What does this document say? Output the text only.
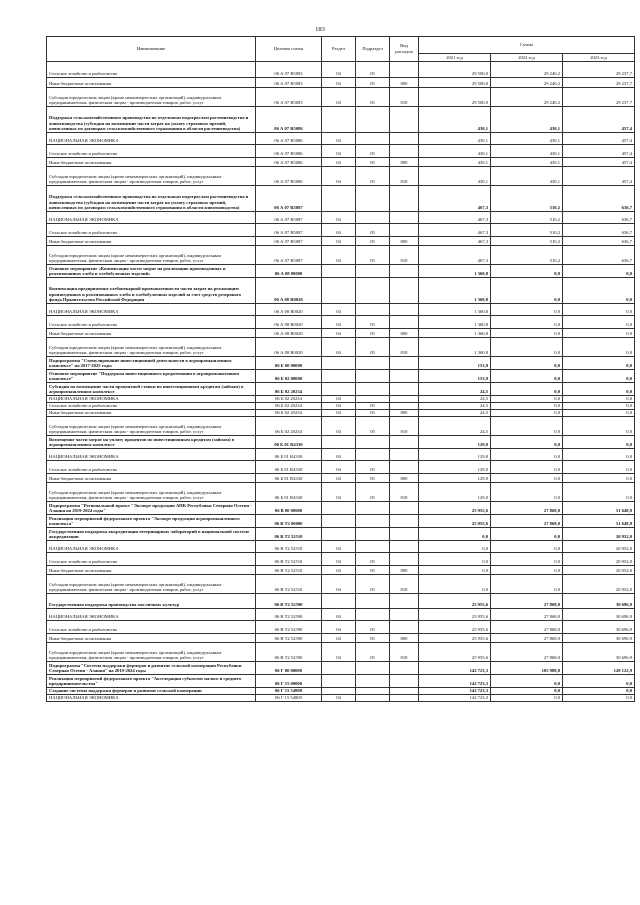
183
Наименование	Целевая статья	Раздел	Подраздел	Вид расходов	Сумма		
					2021 год	2022 год	2023 год
Сельское хозяйство и рыболовство	06 А 07 R5083	04	05		29 500,0	29 240,2	29 237,7
Иные бюджетные ассигнования	06 А 07 R5083	04	05	800	29 500,0	29 240,2	29 237,7
Субсидии юридическим лицам (кроме некоммерческих организаций), индивидуальным предпринимателям, физическим лицам - производителям товаров, работ, услуг	06 А 07 R5083	04	05	810	29 500,0	29 240,2	29 237,7
Поддержка сельскохозяйственного производства по отдельным подотраслям растениеводства и животноводства (субсидия на возмещение части затрат на уплату страховых премий, начисленных по договорам сельскохозяйственного страхования в области растениеводства)	06 А 07 R5086				430,1	430,1	457,4
НАЦИОНАЛЬНАЯ ЭКОНОМИКА	06 А 07 R5086	04			430,1	430,1	457,4
Сельское хозяйство и рыболовство	06 А 07 R5086	04	05		430,1	430,1	457,4
Иные бюджетные ассигнования	06 А 07 R5086	04	05	800	430,1	430,1	457,4
Субсидии юридическим лицам (кроме некоммерческих организаций), индивидуальным предпринимателям, физическим лицам - производителям товаров, работ, услуг	06 А 07 R5086	04	05	810	430,1	430,1	457,4
Поддержка сельскохозяйственного производства по отдельным подотраслям растениеводства и животноводства (субсидия на возмещение части затрат на уплату страховых премий, начисленных по договорам сельскохозяйственного страхования в области животноводства)	06 А 07 R5087				467,3	510,2	636,7
НАЦИОНАЛЬНАЯ ЭКОНОМИКА	06 А 07 R5087	04			467,3	510,2	636,7
Сельское хозяйство и рыболовство	06 А 07 R5087	04	05		467,3	510,2	636,7
Иные бюджетные ассигнования	06 А 07 R5087	04	05	800	467,3	510,2	636,7
Субсидии юридическим лицам (кроме некоммерческих организаций), индивидуальным предпринимателям, физическим лицам - производителям товаров, работ, услуг	06 А 07 R5087	04	05	810	467,3	510,2	636,7
Основное мероприятие «Компенсация части затрат на реализацию произведенных и реализованных хлеба и хлебобулочных изделий»	06 А 08 00000				1 360,8	0,0	0,0
Компенсация предприятиям хлебопекарной промышленности части затрат на реализацию произведенных и реализованных хлеба и хлебобулочных изделий за счет средств резервного фонда Правительства Российской Федерации	06 А 08 R0020				1 360,8	0,0	0,0
НАЦИОНАЛЬНАЯ ЭКОНОМИКА	06 А 08 R0020	04			1 360,8	0,0	0,0
Сельское хозяйство и рыболовство	06 А 08 R0020	04	05		1 360,8	0,0	0,0
Иные бюджетные ассигнования	06 А 08 R0020	04	05	800	1 360,8	0,0	0,0
Субсидии юридическим лицам (кроме некоммерческих организаций), индивидуальным предпринимателям, физическим лицам - производителям товаров, работ, услуг	06 А 08 R0020	04	05	810	1 360,8	0,0	0,0
Подпрограмма "Стимулирование инвестиционной деятельности в агропромышленном комплексе" на 2017-2025 годы	06 Б 00 00000				153,9	0,0	0,0
Основное мероприятие "Поддержка инвестиционного кредитования в агропромышленном комплексе"	06 Б 02 00000				153,9	0,0	0,0
Субсидии на возмещение части процентной ставки по инвестиционным кредитам (займам) в агропромышленном комплексе	06 Б 02 20234				24,5	0,0	0,0
НАЦИОНАЛЬНАЯ ЭКОНОМИКА	06 Б 02 20234	04			24,5	0,0	0,0
Сельское хозяйство и рыболовство	06 Б 02 20234	04	05		24,5	0,0	0,0
Иные бюджетные ассигнования	06 Б 02 20234	04	05	800	24,5	0,0	0,0
Субсидии юридическим лицам (кроме некоммерческих организаций), индивидуальным предпринимателям, физическим лицам - производителям товаров, работ, услуг	06 Б 02 20234	04	05	810	24,5	0,0	0,0
Возмещение части затрат на уплату процентов по инвестиционным кредитам (займам) в агропромышленном комплексе	06 Б 01 R4330				129,0	0,0	0,0
НАЦИОНАЛЬНАЯ ЭКОНОМИКА	06 Б 01 R4330	04			129,0	0,0	0,0
Сельское хозяйство и рыболовство	06 Б 01 R4330	04	05		129,0	0,0	0,0
Иные бюджетные ассигнования	06 Б 01 R4330	04	05	800	129,0	0,0	0,0
Субсидии юридическим лицам (кроме некоммерческих организаций), индивидуальным предпринимателям, физическим лицам - производителям товаров, работ, услуг	06 Б 01 R4330	04	05	810	129,0	0,0	0,0
Подпрограмма "Региональный проект "Экспорт продукции АПК Республики Северная Осетия - Алания на 2019-2024 годы"	06 В 00 00000				25 955,6	27 868,0	51 648,9
Реализация мероприятий федерального проекта "Экспорт продукции агропромышленного комплекса"	06 В Т2 00000				25 955,6	27 868,0	51 648,9
Государственная поддержка аккредитации ветеринарных лабораторий в национальной системе аккредитации	06 В Т2 52510				0,0	0,0	20 952,0
НАЦИОНАЛЬНАЯ ЭКОНОМИКА	06 В Т2 52510	04			0,0	0,0	20 952,0
Сельское хозяйство и рыболовство	06 В Т2 52510	04	05		0,0	0,0	20 952,0
Иные бюджетные ассигнования	06 В Т2 52510	04	05	800	0,0	0,0	20 952,0
Субсидии юридическим лицам (кроме некоммерческих организаций), индивидуальным предпринимателям, физическим лицам - производителям товаров, работ, услуг	06 В Т2 52510	04	05	810	0,0	0,0	20 952,0
Государственная поддержка производства масличных культур	06 В Т2 52590				25 955,6	27 868,0	30 696,9
НАЦИОНАЛЬНАЯ ЭКОНОМИКА	06 В Т2 52590	04			25 955,6	27 868,0	30 696,9
Сельское хозяйство и рыболовство	06 В Т2 52590	04	05		25 955,6	27 868,0	30 696,9
Иные бюджетные ассигнования	06 В Т2 52590	04	05	800	25 955,6	27 868,0	30 696,9
Субсидии юридическим лицам (кроме некоммерческих организаций), индивидуальным предпринимателям, физическим лицам - производителям товаров, работ, услуг	06 В Т2 52590	04	05	810	25 955,6	27 868,0	30 696,9
Подпрограмма "Система поддержки фермеров и развитие сельской кооперации Республики Северная Осетия - Алания" на 2019-2024 годы	06 Г 00 00000				142 723,3	105 988,8	120 122,9
Реализация мероприятий федерального проекта "Акселерация субъектов малого и среднего предпринимательства"	06 Г 15 00000				142 723,3	0,0	0,0
Создание системы поддержки фермеров и развитие сельской кооперации	06 Г 15 54800				142 723,3	0,0	0,0
НАЦИОНАЛЬНАЯ ЭКОНОМИКА	06 Г 15 54800	04			142 723,3	0,0	0,0
